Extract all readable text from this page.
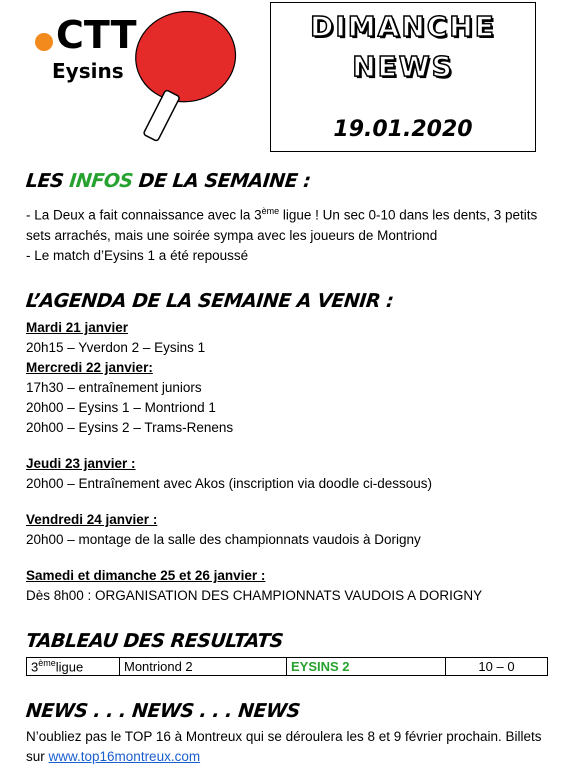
CTT
Eysins
DIMANCHE
NEWS
19.01.2020
LES INFOS DE LA SEMAINE :
- La Deux a fait connaissance avec la 3ème ligue ! Un sec 0-10 dans les dents, 3 petits sets arrachés, mais une soirée sympa avec les joueurs de Montriond
- Le match d’Eysins 1 a été repoussé
L’AGENDA DE LA SEMAINE A VENIR :
Mardi 21 janvier
20h15 – Yverdon 2 – Eysins 1
Mercredi 22 janvier:
17h30 – entraînement juniors
20h00 – Eysins 1 – Montriond 1
20h00 – Eysins 2 – Trams-Renens
Jeudi 23 janvier :
20h00 – Entraînement avec Akos (inscription via doodle ci-dessous)
Vendredi 24 janvier :
20h00 – montage de la salle des championnats vaudois à Dorigny
Samedi et dimanche 25 et 26 janvier :
Dès 8h00 : ORGANISATION DES CHAMPIONNATS VAUDOIS A DORIGNY
TABLEAU DES RESULTATS
3èmeligue	Montriond 2	EYSINS 2	10 – 0
NEWS . . . NEWS . . . NEWS
N’oubliez pas le TOP 16 à Montreux qui se déroulera les 8 et 9 février prochain. Billets sur www.top16montreux.com
